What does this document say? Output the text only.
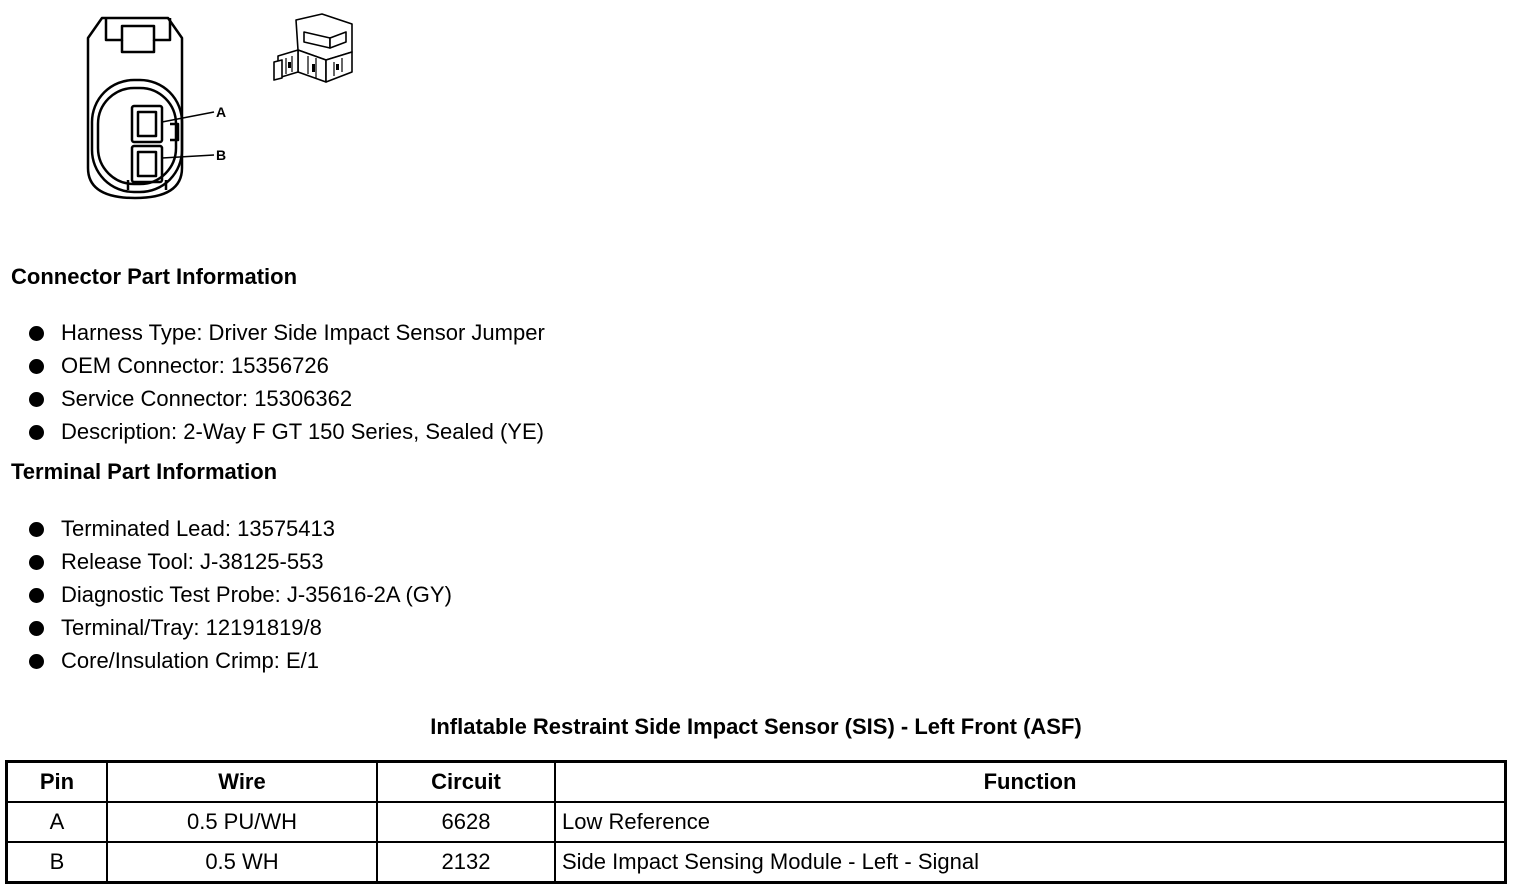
A
B
Connector Part Information
Harness Type: Driver Side Impact Sensor Jumper
OEM Connector: 15356726
Service Connector: 15306362
Description: 2-Way F GT 150 Series, Sealed (YE)
Terminal Part Information
Terminated Lead: 13575413
Release Tool: J-38125-553
Diagnostic Test Probe: J-35616-2A (GY)
Terminal/Tray: 12191819/8
Core/Insulation Crimp: E/1
Inflatable Restraint Side Impact Sensor (SIS) - Left Front (ASF)
Pin	Wire	Circuit	Function
A	0.5 PU/WH	6628	Low Reference
B	0.5 WH	2132	Side Impact Sensing Module - Left - Signal
